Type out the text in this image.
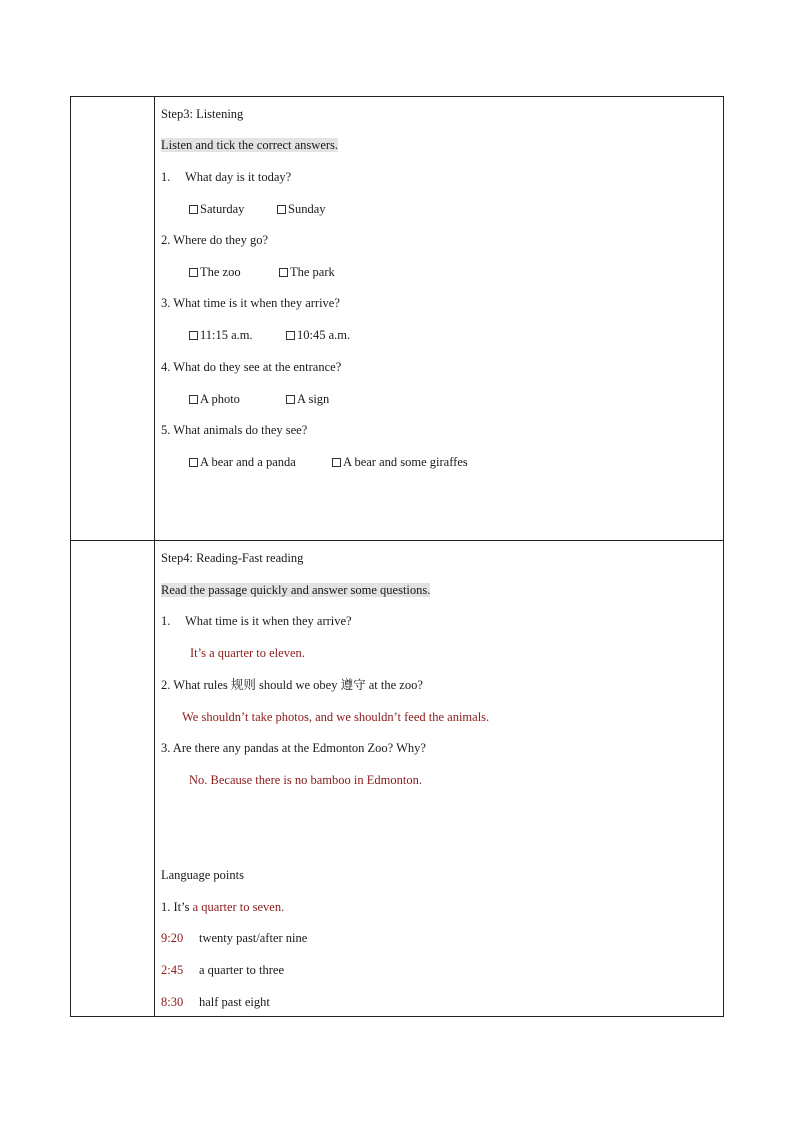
Step3: Listening
Listen and tick the correct answers.
1. What day is it today?
Saturday	Sunday
2. Where do they go?
The zoo	The park
3. What time is it when they arrive?
11:15 a.m.	10:45 a.m.
4. What do they see at the entrance?
A photo	A sign
5. What animals do they see?
A bear and a panda	A bear and some giraffes
Step4: Reading-Fast reading
Read the passage quickly and answer some questions.
1. What time is it when they arrive?
It’s a quarter to eleven.
2. What rules 规则 should we obey 遵守 at the zoo?
We shouldn’t take photos, and we shouldn’t feed the animals.
3. Are there any pandas at the Edmonton Zoo? Why?
No. Because there is no bamboo in Edmonton.
Language points
1. It’s a quarter to seven.
9:20 twenty past/after nine
2:45 a quarter to three
8:30 half past eight
